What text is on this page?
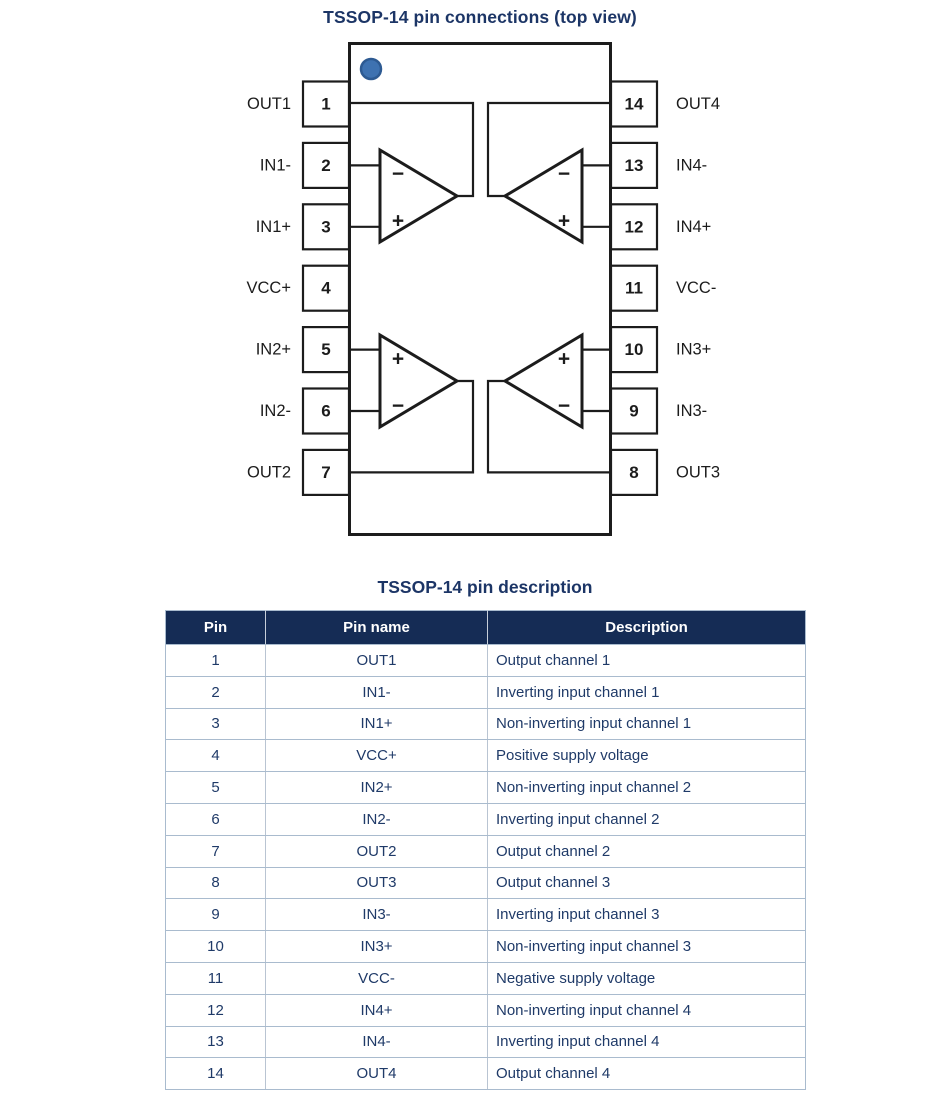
TSSOP-14 pin connections (top view)
−
+
−
+
+
−
+
−
1
OUT1
2
IN1-
3
IN1+
4
VCC+
5
IN2+
6
IN2-
7
OUT2
14 OUT4
13 IN4-
12 IN4+
11 VCC-
10 IN3+
9 IN3-
8 OUT3
TSSOP-14 pin description
Pin	Pin name	Description
1	OUT1	Output channel 1
2	IN1-	Inverting input channel 1
3	IN1+	Non-inverting input channel 1
4	VCC+	Positive supply voltage
5	IN2+	Non-inverting input channel 2
6	IN2-	Inverting input channel 2
7	OUT2	Output channel 2
8	OUT3	Output channel 3
9	IN3-	Inverting input channel 3
10	IN3+	Non-inverting input channel 3
11	VCC-	Negative supply voltage
12	IN4+	Non-inverting input channel 4
13	IN4-	Inverting input channel 4
14	OUT4	Output channel 4
